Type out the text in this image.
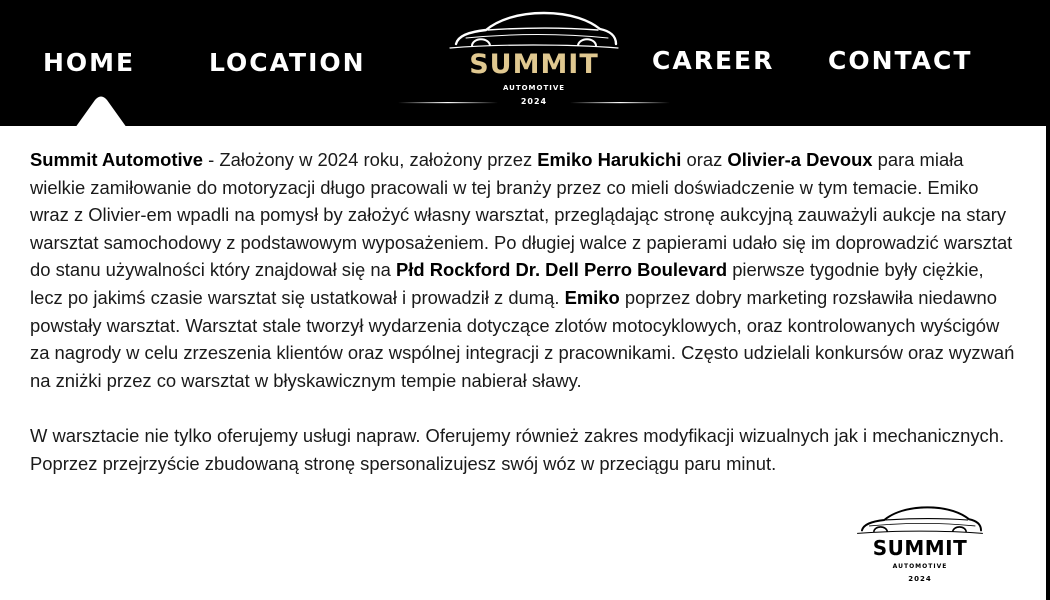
HOME	LOCATION	SUMMIT
AUTOMOTIVE
2024
CAREER CONTACT

Summit Automotive - Założony w 2024 roku, założony przez Emiko Harukichi oraz Olivier-a Devoux para miała wielkie zamiłowanie do motoryzacji długo pracowali w tej branży przez co mieli doświadczenie w tym temacie. Emiko wraz z Olivier-em wpadli na pomysł by założyć własny warsztat, przeglądając stronę aukcyjną zauważyli aukcje na stary warsztat samochodowy z podstawowym wyposażeniem. Po długiej walce z papierami udało się im doprowadzić warsztat do stanu używalności który znajdował się na Płd Rockford Dr. Dell Perro Boulevard pierwsze tygodnie były ciężkie, lecz po jakimś czasie warsztat się ustatkował i prowadził z dumą. Emiko poprzez dobry marketing rozsławiła niedawno powstały warsztat. Warsztat stale tworzył wydarzenia dotyczące zlotów motocyklowych, oraz kontrolowanych wyścigów za nagrody w celu zrzeszenia klientów oraz wspólnej integracji z pracownikami. Często udzielali konkursów oraz wyzwań na zniżki przez co warsztat w błyskawicznym tempie nabierał sławy.

W warsztacie nie tylko oferujemy usługi napraw. Oferujemy również zakres modyfikacji wizualnych jak i mechanicznych. Poprzez przejrzyście zbudowaną stronę spersonalizujesz swój wóz w przeciągu paru minut.

SUMMIT
AUTOMOTIVE
2024
